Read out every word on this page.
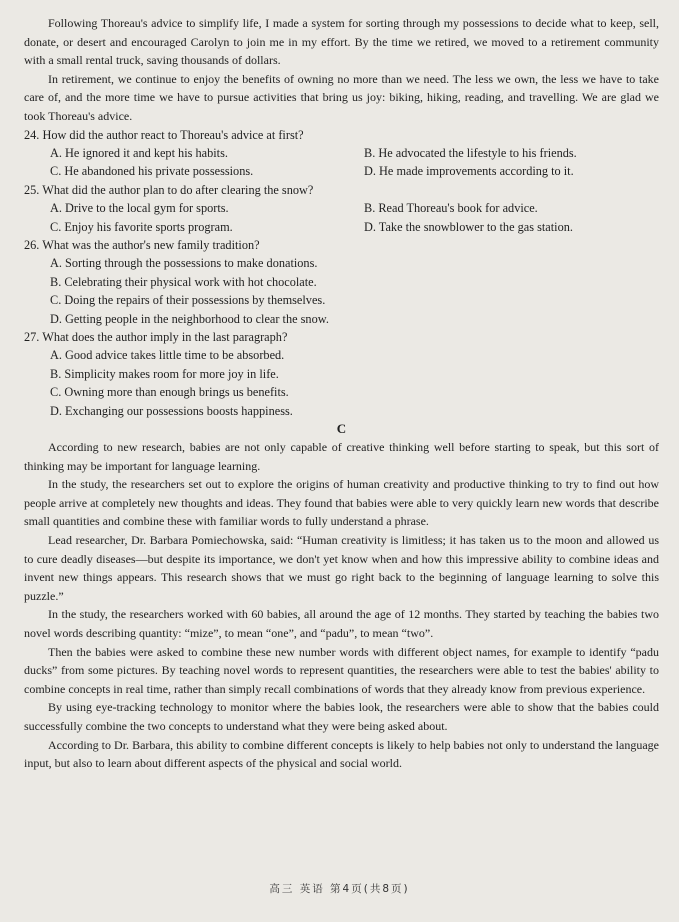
Following Thoreau's advice to simplify life, I made a system for sorting through my possessions to decide what to keep, sell, donate, or desert and encouraged Carolyn to join me in my effort. By the time we retired, we moved to a retirement community with a small rental truck, saving thousands of dollars.

In retirement, we continue to enjoy the benefits of owning no more than we need. The less we own, the less we have to take care of, and the more time we have to pursue activities that bring us joy: biking, hiking, reading, and travelling. We are glad we took Thoreau's advice.

24. How did the author react to Thoreau's advice at first?

A. He ignored it and kept his habits.	B. He advocated the lifestyle to his friends.
C. He abandoned his private possessions.	D. He made improvements according to it.

25. What did the author plan to do after clearing the snow?

A. Drive to the local gym for sports.	B. Read Thoreau's book for advice.
C. Enjoy his favorite sports program.	D. Take the snowblower to the gas station.

26. What was the author's new family tradition?

A. Sorting through the possessions to make donations.
B. Celebrating their physical work with hot chocolate.
C. Doing the repairs of their possessions by themselves.
D. Getting people in the neighborhood to clear the snow.

27. What does the author imply in the last paragraph?

A. Good advice takes little time to be absorbed.
B. Simplicity makes room for more joy in life.
C. Owning more than enough brings us benefits.
D. Exchanging our possessions boosts happiness.

C

According to new research, babies are not only capable of creative thinking well before starting to speak, but this sort of thinking may be important for language learning.

In the study, the researchers set out to explore the origins of human creativity and productive thinking to try to find out how people arrive at completely new thoughts and ideas. They found that babies were able to very quickly learn new words that describe small quantities and combine these with familiar words to fully understand a phrase.

Lead researcher, Dr. Barbara Pomiechowska, said: “Human creativity is limitless; it has taken us to the moon and allowed us to cure deadly diseases—but despite its importance, we don't yet know when and how this impressive ability to combine ideas and invent new things appears. This research shows that we must go right back to the beginning of language learning to solve this puzzle.”

In the study, the researchers worked with 60 babies, all around the age of 12 months. They started by teaching the babies two novel words describing quantity: “mize”, to mean “one”, and “padu”, to mean “two”.

Then the babies were asked to combine these new number words with different object names, for example to identify “padu ducks” from some pictures. By teaching novel words to represent quantities, the researchers were able to test the babies' ability to combine concepts in real time, rather than simply recall combinations of words that they already know from previous experience.

By using eye-tracking technology to monitor where the babies look, the researchers were able to show that the babies could successfully combine the two concepts to understand what they were being asked about.

According to Dr. Barbara, this ability to combine different concepts is likely to help babies not only to understand the language input, but also to learn about different aspects of the physical and social world.

高三 英语 第4页(共8页)
